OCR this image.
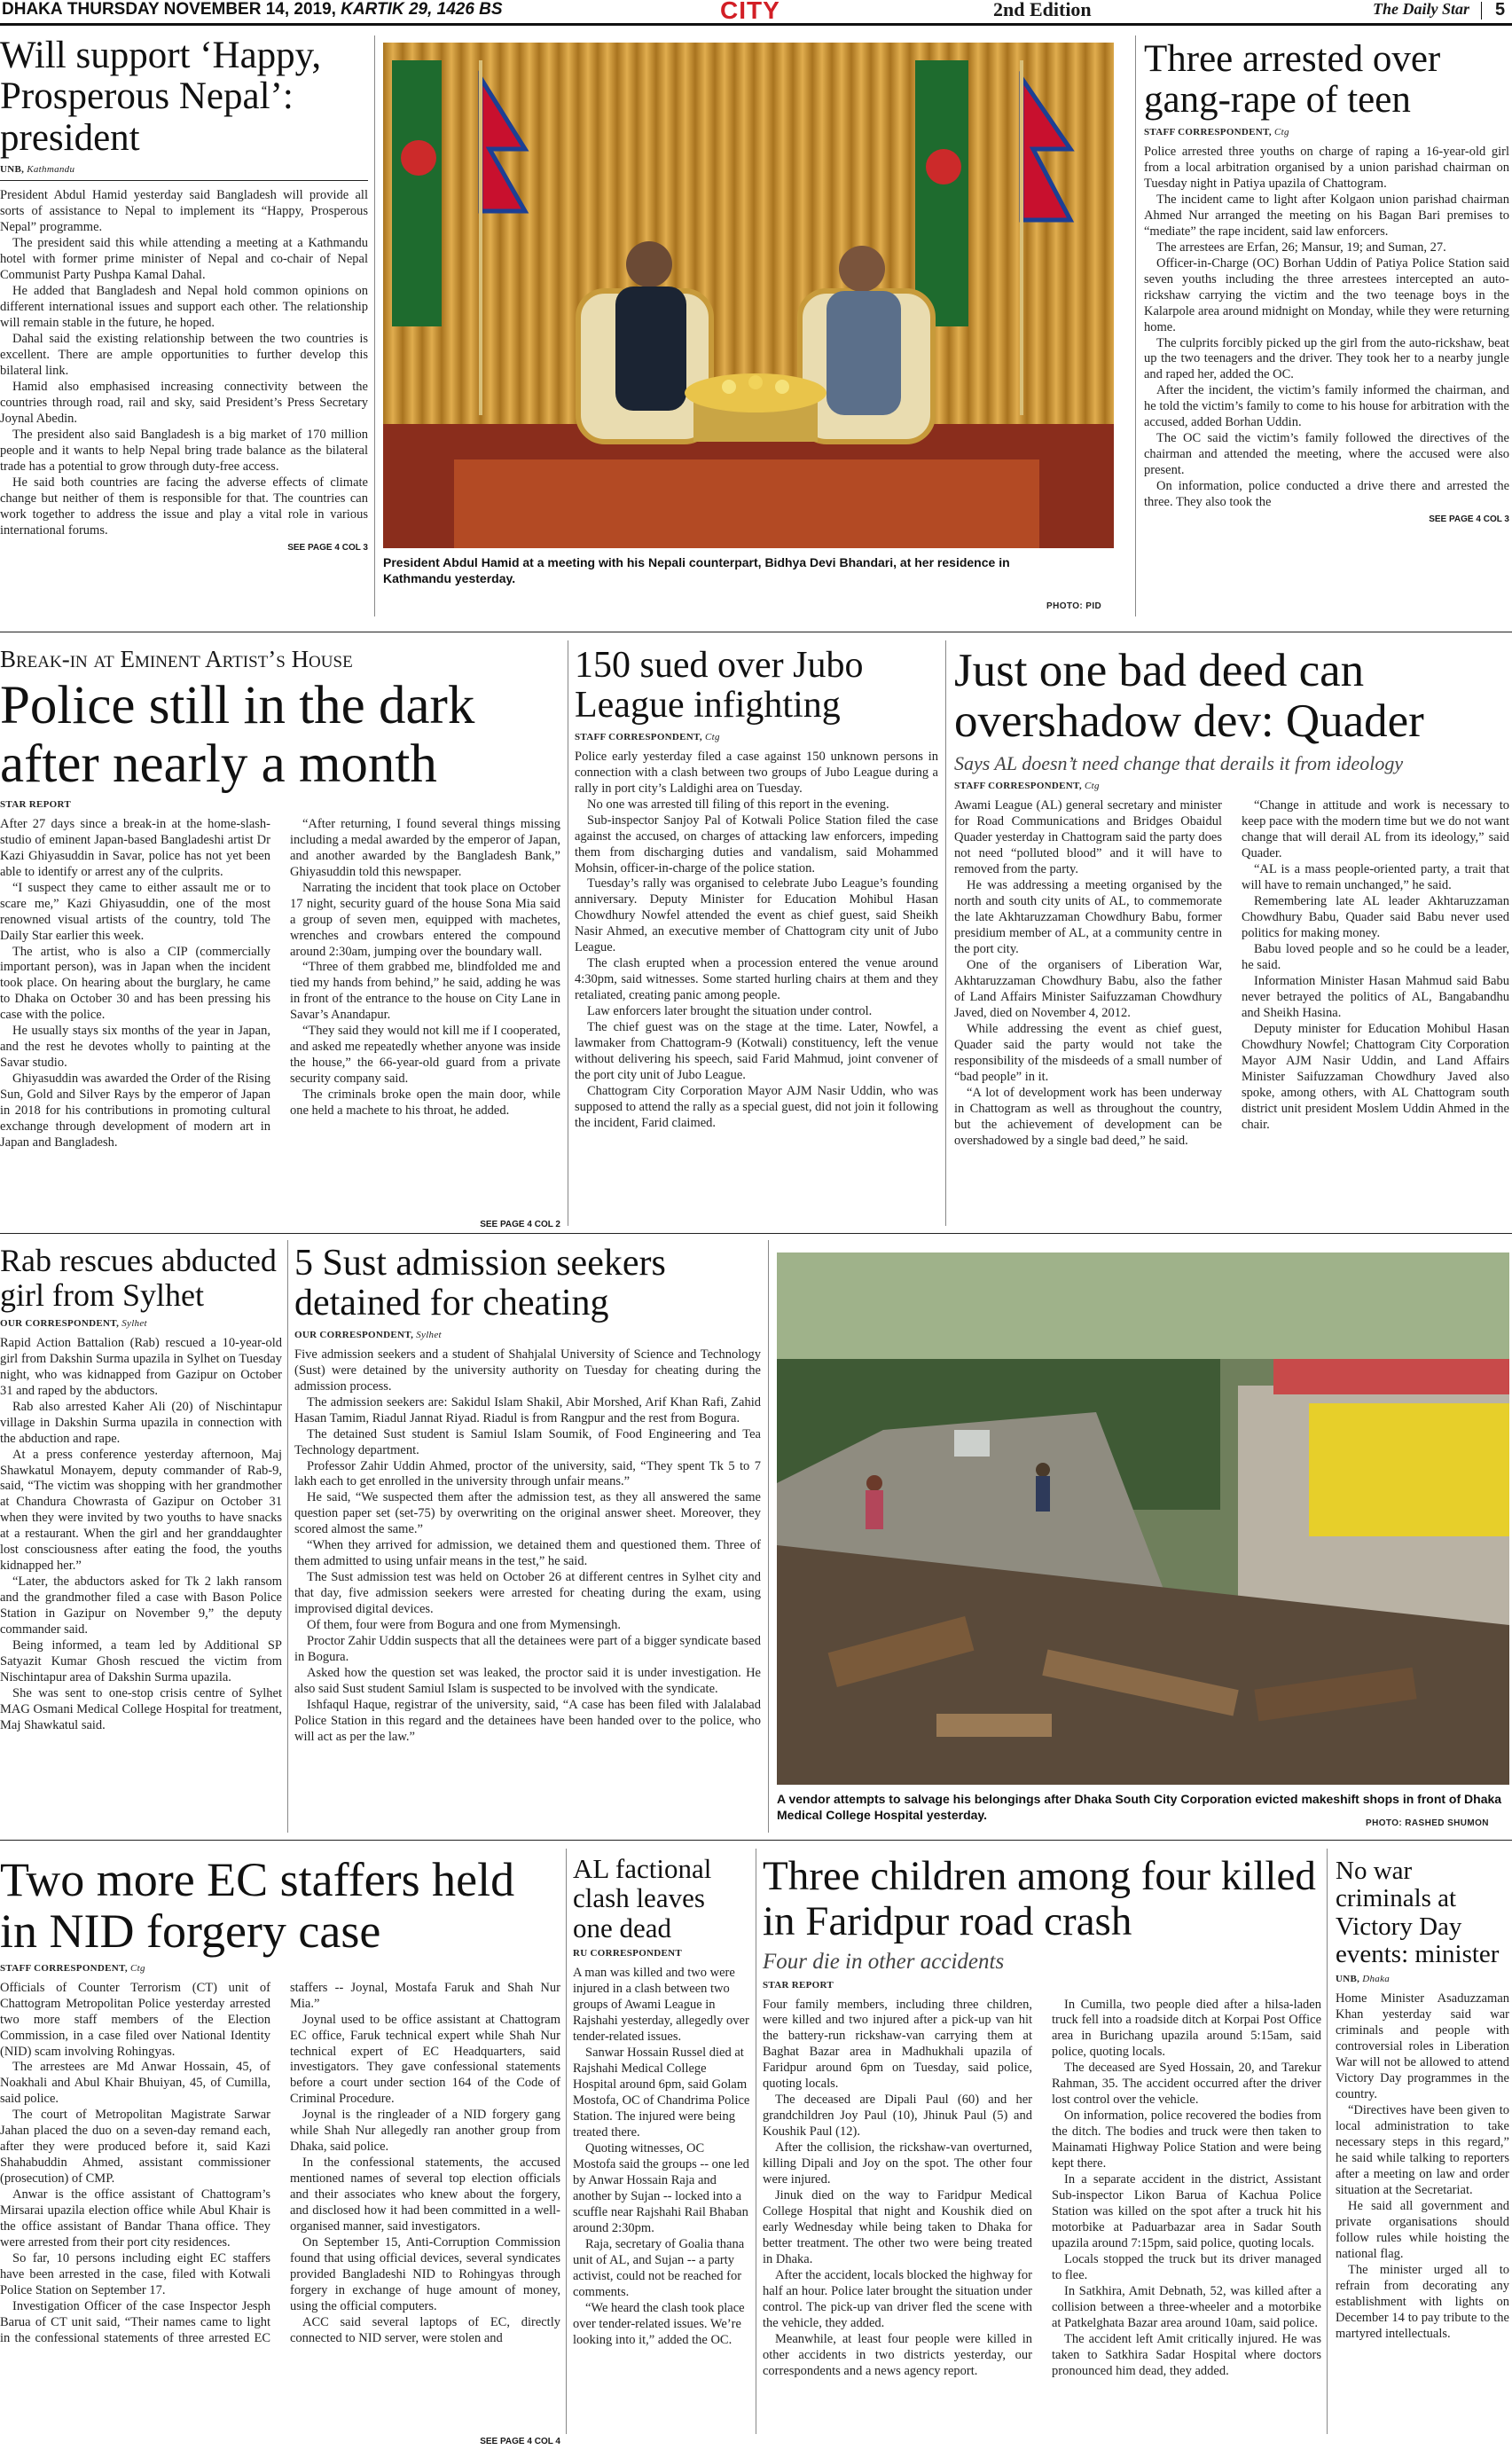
DHAKA THURSDAY NOVEMBER 14, 2019, KARTIK 29, 1426 BS	CITY	2nd Edition	The Daily Star 5
Will support ‘Happy, Prosperous Nepal’: president
UNB, Kathmandu

President Abdul Hamid yesterday said Bangladesh will provide all sorts of assistance to Nepal to implement its “Happy, Prosperous Nepal” programme.

The president said this while attending a meeting at a Kathmandu hotel with former prime minister of Nepal and co-chair of Nepal Communist Party Pushpa Kamal Dahal.

He added that Bangladesh and Nepal hold common opinions on different international issues and support each other. The relationship will remain stable in the future, he hoped.

Dahal said the existing relationship between the two countries is excellent. There are ample opportunities to further develop this bilateral link.

Hamid also emphasised increasing connectivity between the countries through road, rail and sky, said President’s Press Secretary Joynal Abedin.

The president also said Bangladesh is a big market of 170 million people and it wants to help Nepal bring trade balance as the bilateral trade has a potential to grow through duty-free access.

He said both countries are facing the adverse effects of climate change but neither of them is responsible for that. The countries can work together to address the issue and play a vital role in various international forums.

SEE PAGE 4 COL 3
President Abdul Hamid at a meeting with his Nepali counterpart, Bidhya Devi Bhandari, at her residence in Kathmandu yesterday.
PHOTO: PID
Three arrested over gang-rape of teen
STAFF CORRESPONDENT, Ctg

Police arrested three youths on charge of raping a 16-year-old girl from a local arbitration organised by a union parishad chairman on Tuesday night in Patiya upazila of Chattogram.

The incident came to light after Kolgaon union parishad chairman Ahmed Nur arranged the meeting on his Bagan Bari premises to “mediate” the rape incident, said law enforcers.

The arrestees are Erfan, 26; Mansur, 19; and Suman, 27.

Officer-in-Charge (OC) Borhan Uddin of Patiya Police Station said seven youths including the three arrestees intercepted an auto-rickshaw carrying the victim and the two teenage boys in the Kalarpole area around midnight on Monday, while they were returning home.

The culprits forcibly picked up the girl from the auto-rickshaw, beat up the two teenagers and the driver. They took her to a nearby jungle and raped her, added the OC.

After the incident, the victim’s family informed the chairman, and he told the victim’s family to come to his house for arbitration with the accused, added Borhan Uddin.

The OC said the victim’s family followed the directives of the chairman and attended the meeting, where the accused were also present.

On information, police conducted a drive there and arrested the three. They also took the

SEE PAGE 4 COL 3
Break-in at Eminent Artist’s House
Police still in the dark after nearly a month
STAR REPORT

After 27 days since a break-in at the home-slash-studio of eminent Japan-based Bangladeshi artist Dr Kazi Ghiyasuddin in Savar, police has not yet been able to identify or arrest any of the culprits.

“I suspect they came to either assault me or to scare me,” Kazi Ghiyasuddin, one of the most renowned visual artists of the country, told The Daily Star earlier this week.

The artist, who is also a CIP (commercially important person), was in Japan when the incident took place. On hearing about the burglary, he came to Dhaka on October 30 and has been pressing his case with the police.

He usually stays six months of the year in Japan, and the rest he devotes wholly to painting at the Savar studio.

Ghiyasuddin was awarded the Order of the Rising Sun, Gold and Silver Rays by the emperor of Japan in 2018 for his contributions in promoting cultural exchange through development of modern art in Japan and Bangladesh.

“After returning, I found several things missing including a medal awarded by the emperor of Japan, and another awarded by the Bangladesh Bank,” Ghiyasuddin told this newspaper.

Narrating the incident that took place on October 17 night, security guard of the house Sona Mia said a group of seven men, equipped with machetes, wrenches and crowbars entered the compound around 2:30am, jumping over the boundary wall.

“Three of them grabbed me, blindfolded me and tied my hands from behind,” he said, adding he was in front of the entrance to the house on City Lane in Savar’s Anandapur.

“They said they would not kill me if I cooperated, and asked me repeatedly whether anyone was inside the house,” the 66-year-old guard from a private security company said.

The criminals broke open the main door, while one held a machete to his throat, he added.

SEE PAGE 4 COL 2
150 sued over Jubo League infighting
STAFF CORRESPONDENT, Ctg

Police early yesterday filed a case against 150 unknown persons in connection with a clash between two groups of Jubo League during a rally in port city’s Laldighi area on Tuesday.

No one was arrested till filing of this report in the evening.

Sub-inspector Sanjoy Pal of Kotwali Police Station filed the case against the accused, on charges of attacking law enforcers, impeding them from discharging duties and vandalism, said Mohammed Mohsin, officer-in-charge of the police station.

Tuesday’s rally was organised to celebrate Jubo League’s founding anniversary. Deputy Minister for Education Mohibul Hasan Chowdhury Nowfel attended the event as chief guest, said Sheikh Nasir Ahmed, an executive member of Chattogram city unit of Jubo League.

The clash erupted when a procession entered the venue around 4:30pm, said witnesses. Some started hurling chairs at them and they retaliated, creating panic among people.

Law enforcers later brought the situation under control.

The chief guest was on the stage at the time. Later, Nowfel, a lawmaker from Chattogram-9 (Kotwali) constituency, left the venue without delivering his speech, said Farid Mahmud, joint convener of the port city unit of Jubo League.

Chattogram City Corporation Mayor AJM Nasir Uddin, who was supposed to attend the rally as a special guest, did not join it following the incident, Farid claimed.

Just one bad deed can overshadow dev: Quader
Says AL doesn’t need change that derails it from ideology
STAFF CORRESPONDENT, Ctg

Awami League (AL) general secretary and minister for Road Communications and Bridges Obaidul Quader yesterday in Chattogram said the party does not need “polluted blood” and it will have to removed from the party.

He was addressing a meeting organised by the north and south city units of AL, to commemorate the late Akhtaruzzaman Chowdhury Babu, former presidium member of AL, at a community centre in the port city.

One of the organisers of Liberation War, Akhtaruzzaman Chowdhury Babu, also the father of Land Affairs Minister Saifuzzaman Chowdhury Javed, died on November 4, 2012.

While addressing the event as chief guest, Quader said the party would not take the responsibility of the misdeeds of a small number of “bad people” in it.

“A lot of development work has been underway in Chattogram as well as throughout the country, but the achievement of development can be overshadowed by a single bad deed,” he said.

“Change in attitude and work is necessary to keep pace with the modern time but we do not want change that will derail AL from its ideology,” said Quader.

“AL is a mass people-oriented party, a trait that will have to remain unchanged,” he said.

Remembering late AL leader Akhtaruzzaman Chowdhury Babu, Quader said Babu never used politics for making money.

Babu loved people and so he could be a leader, he said.

Information Minister Hasan Mahmud said Babu never betrayed the politics of AL, Bangabandhu and Sheikh Hasina.

Deputy minister for Education Mohibul Hasan Chowdhury Nowfel; Chattogram City Corporation Mayor AJM Nasir Uddin, and Land Affairs Minister Saifuzzaman Chowdhury Javed also spoke, among others, with AL Chattogram south district unit president Moslem Uddin Ahmed in the chair.

Rab rescues abducted girl from Sylhet
OUR CORRESPONDENT, Sylhet

Rapid Action Battalion (Rab) rescued a 10-year-old girl from Dakshin Surma upazila in Sylhet on Tuesday night, who was kidnapped from Gazipur on October 31 and raped by the abductors.

Rab also arrested Kaher Ali (20) of Nischintapur village in Dakshin Surma upazila in connection with the abduction and rape.

At a press conference yesterday afternoon, Maj Shawkatul Monayem, deputy commander of Rab-9, said, “The victim was shopping with her grandmother at Chandura Chowrasta of Gazipur on October 31 when they were invited by two youths to have snacks at a restaurant. When the girl and her granddaughter lost consciousness after eating the food, the youths kidnapped her.”

“Later, the abductors asked for Tk 2 lakh ransom and the grandmother filed a case with Bason Police Station in Gazipur on November 9,” the deputy commander said.

Being informed, a team led by Additional SP Satyazit Kumar Ghosh rescued the victim from Nischintapur area of Dakshin Surma upazila.

She was sent to one-stop crisis centre of Sylhet MAG Osmani Medical College Hospital for treatment, Maj Shawkatul said.

5 Sust admission seekers detained for cheating
OUR CORRESPONDENT, Sylhet

Five admission seekers and a student of Shahjalal University of Science and Technology (Sust) were detained by the university authority on Tuesday for cheating during the admission process.

The admission seekers are: Sakidul Islam Shakil, Abir Morshed, Arif Khan Rafi, Zahid Hasan Tamim, Riadul Jannat Riyad. Riadul is from Rangpur and the rest from Bogura.

The detained Sust student is Samiul Islam Soumik, of Food Engineering and Tea Technology department.

Professor Zahir Uddin Ahmed, proctor of the university, said, “They spent Tk 5 to 7 lakh each to get enrolled in the university through unfair means.”

He said, “We suspected them after the admission test, as they all answered the same question paper set (set-75) by overwriting on the original answer sheet. Moreover, they scored almost the same.”

“When they arrived for admission, we detained them and questioned them. Three of them admitted to using unfair means in the test,” he said.

The Sust admission test was held on October 26 at different centres in Sylhet city and that day, five admission seekers were arrested for cheating during the exam, using improvised digital devices.

Of them, four were from Bogura and one from Mymensingh.

Proctor Zahir Uddin suspects that all the detainees were part of a bigger syndicate based in Bogura.

Asked how the question set was leaked, the proctor said it is under investigation. He also said Sust student Samiul Islam is suspected to be involved with the syndicate.

Ishfaqul Haque, registrar of the university, said, “A case has been filed with Jalalabad Police Station in this regard and the detainees have been handed over to the police, who will act as per the law.”

A vendor attempts to salvage his belongings after Dhaka South City Corporation evicted makeshift shops in front of Dhaka Medical College Hospital yesterday.
PHOTO: RASHED SHUMON
Two more EC staffers held in NID forgery case
STAFF CORRESPONDENT, Ctg

Officials of Counter Terrorism (CT) unit of Chattogram Metropolitan Police yesterday arrested two more staff members of the Election Commission, in a case filed over National Identity (NID) scam involving Rohingyas.

The arrestees are Md Anwar Hossain, 45, of Noakhali and Abul Khair Bhuiyan, 45, of Cumilla, said police.

The court of Metropolitan Magistrate Sarwar Jahan placed the duo on a seven-day remand each, after they were produced before it, said Kazi Shahabuddin Ahmed, assistant commissioner (prosecution) of CMP.

Anwar is the office assistant of Chattogram’s Mirsarai upazila election office while Abul Khair is the office assistant of Bandar Thana office. They were arrested from their port city residences.

So far, 10 persons including eight EC staffers have been arrested in the case, filed with Kotwali Police Station on September 17.

Investigation Officer of the case Inspector Jesph Barua of CT unit said, “Their names came to light in the confessional statements of three arrested EC staffers -- Joynal, Mostafa Faruk and Shah Nur Mia.”

Joynal used to be office assistant at Chattogram EC office, Faruk technical expert while Shah Nur technical expert of EC Headquarters, said investigators. They gave confessional statements before a court under section 164 of the Code of Criminal Procedure.

Joynal is the ringleader of a NID forgery gang while Shah Nur allegedly ran another group from Dhaka, said police.

In the confessional statements, the accused mentioned names of several top election officials and their associates who knew about the forgery, and disclosed how it had been committed in a well-organised manner, said investigators.

On September 15, Anti-Corruption Commission found that using official devices, several syndicates provided Bangladeshi NID to Rohingyas through forgery in exchange of huge amount of money, using the official computers.

ACC said several laptops of EC, directly connected to NID server, were stolen and

SEE PAGE 4 COL 4
AL factional clash leaves one dead
RU CORRESPONDENT

A man was killed and two were injured in a clash between two groups of Awami League in Rajshahi yesterday, allegedly over tender-related issues.

Sanwar Hossain Russel died at Rajshahi Medical College Hospital around 6pm, said Golam Mostofa, OC of Chandrima Police Station. The injured were being treated there.

Quoting witnesses, OC Mostofa said the groups -- one led by Anwar Hossain Raja and another by Sujan -- locked into a scuffle near Rajshahi Rail Bhaban around 2:30pm.

Raja, secretary of Goalia thana unit of AL, and Sujan -- a party activist, could not be reached for comments.

“We heard the clash took place over tender-related issues. We’re looking into it,” added the OC.

Three children among four killed in Faridpur road crash
Four die in other accidents
STAR REPORT

Four family members, including three children, were killed and two injured after a pick-up van hit the battery-run rickshaw-van carrying them at Baghat Bazar area in Madhukhali upazila of Faridpur around 6pm on Tuesday, said police, quoting locals.

The deceased are Dipali Paul (60) and her grandchildren Joy Paul (10), Jhinuk Paul (5) and Koushik Paul (12).

After the collision, the rickshaw-van overturned, killing Dipali and Joy on the spot. The other four were injured.

Jinuk died on the way to Faridpur Medical College Hospital that night and Koushik died on early Wednesday while being taken to Dhaka for better treatment. The other two were being treated in Dhaka.

After the accident, locals blocked the highway for half an hour. Police later brought the situation under control. The pick-up van driver fled the scene with the vehicle, they added.

Meanwhile, at least four people were killed in other accidents in two districts yesterday, our correspondents and a news agency report.

In Cumilla, two people died after a hilsa-laden truck fell into a roadside ditch at Korpai Post Office area in Burichang upazila around 5:15am, said police, quoting locals.

The deceased are Syed Hossain, 20, and Tarekur Rahman, 35. The accident occurred after the driver lost control over the vehicle.

On information, police recovered the bodies from the ditch. The bodies and truck were then taken to Mainamati Highway Police Station and were being kept there.

In a separate accident in the district, Assistant Sub-inspector Likon Barua of Kachua Police Station was killed on the spot after a truck hit his motorbike at Paduarbazar area in Sadar South upazila around 7:15pm, said police, quoting locals.

Locals stopped the truck but its driver managed to flee.

In Satkhira, Amit Debnath, 52, was killed after a collision between a three-wheeler and a motorbike at Patkelghata Bazar area around 10am, said police.

The accident left Amit critically injured. He was taken to Satkhira Sadar Hospital where doctors pronounced him dead, they added.

No war criminals at Victory Day events: minister
UNB, Dhaka

Home Minister Asaduzzaman Khan yesterday said war criminals and people with controversial roles in Liberation War will not be allowed to attend Victory Day programmes in the country.

“Directives have been given to local administration to take necessary steps in this regard,” he said while talking to reporters after a meeting on law and order situation at the Secretariat.

He said all government and private organisations should follow rules while hoisting the national flag.

The minister urged all to refrain from decorating any establishment with lights on December 14 to pay tribute to the martyred intellectuals.
